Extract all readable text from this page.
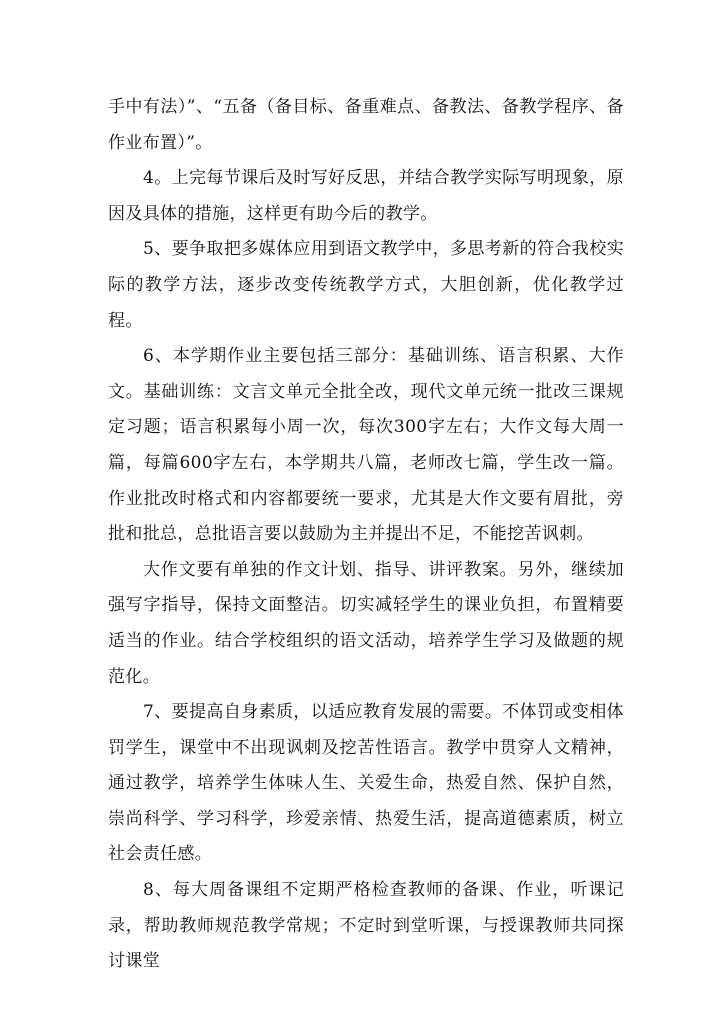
手中有法）”、“五备（备目标、备重难点、备教法、备教学程序、备作业布置）”。

4。上完每节课后及时写好反思，并结合教学实际写明现象，原因及具体的措施，这样更有助今后的教学。

5、要争取把多媒体应用到语文教学中，多思考新的符合我校实际的教学方法，逐步改变传统教学方式，大胆创新，优化教学过程。

6、本学期作业主要包括三部分：基础训练、语言积累、大作文。基础训练：文言文单元全批全改，现代文单元统一批改三课规定习题；语言积累每小周一次，每次300字左右；大作文每大周一篇，每篇600字左右，本学期共八篇，老师改七篇，学生改一篇。作业批改时格式和内容都要统一要求，尤其是大作文要有眉批，旁批和批总，总批语言要以鼓励为主并提出不足，不能挖苦讽刺。

大作文要有单独的作文计划、指导、讲评教案。另外，继续加强写字指导，保持文面整洁。切实减轻学生的课业负担，布置精要适当的作业。结合学校组织的语文活动，培养学生学习及做题的规范化。

7、要提高自身素质，以适应教育发展的需要。不体罚或变相体罚学生，课堂中不出现讽刺及挖苦性语言。教学中贯穿人文精神，通过教学，培养学生体味人生、关爱生命，热爱自然、保护自然，崇尚科学、学习科学，珍爱亲情、热爱生活，提高道德素质，树立社会责任感。

8、每大周备课组不定期严格检查教师的备课、作业，听课记录，帮助教师规范教学常规；不定时到堂听课，与授课教师共同探讨课堂
